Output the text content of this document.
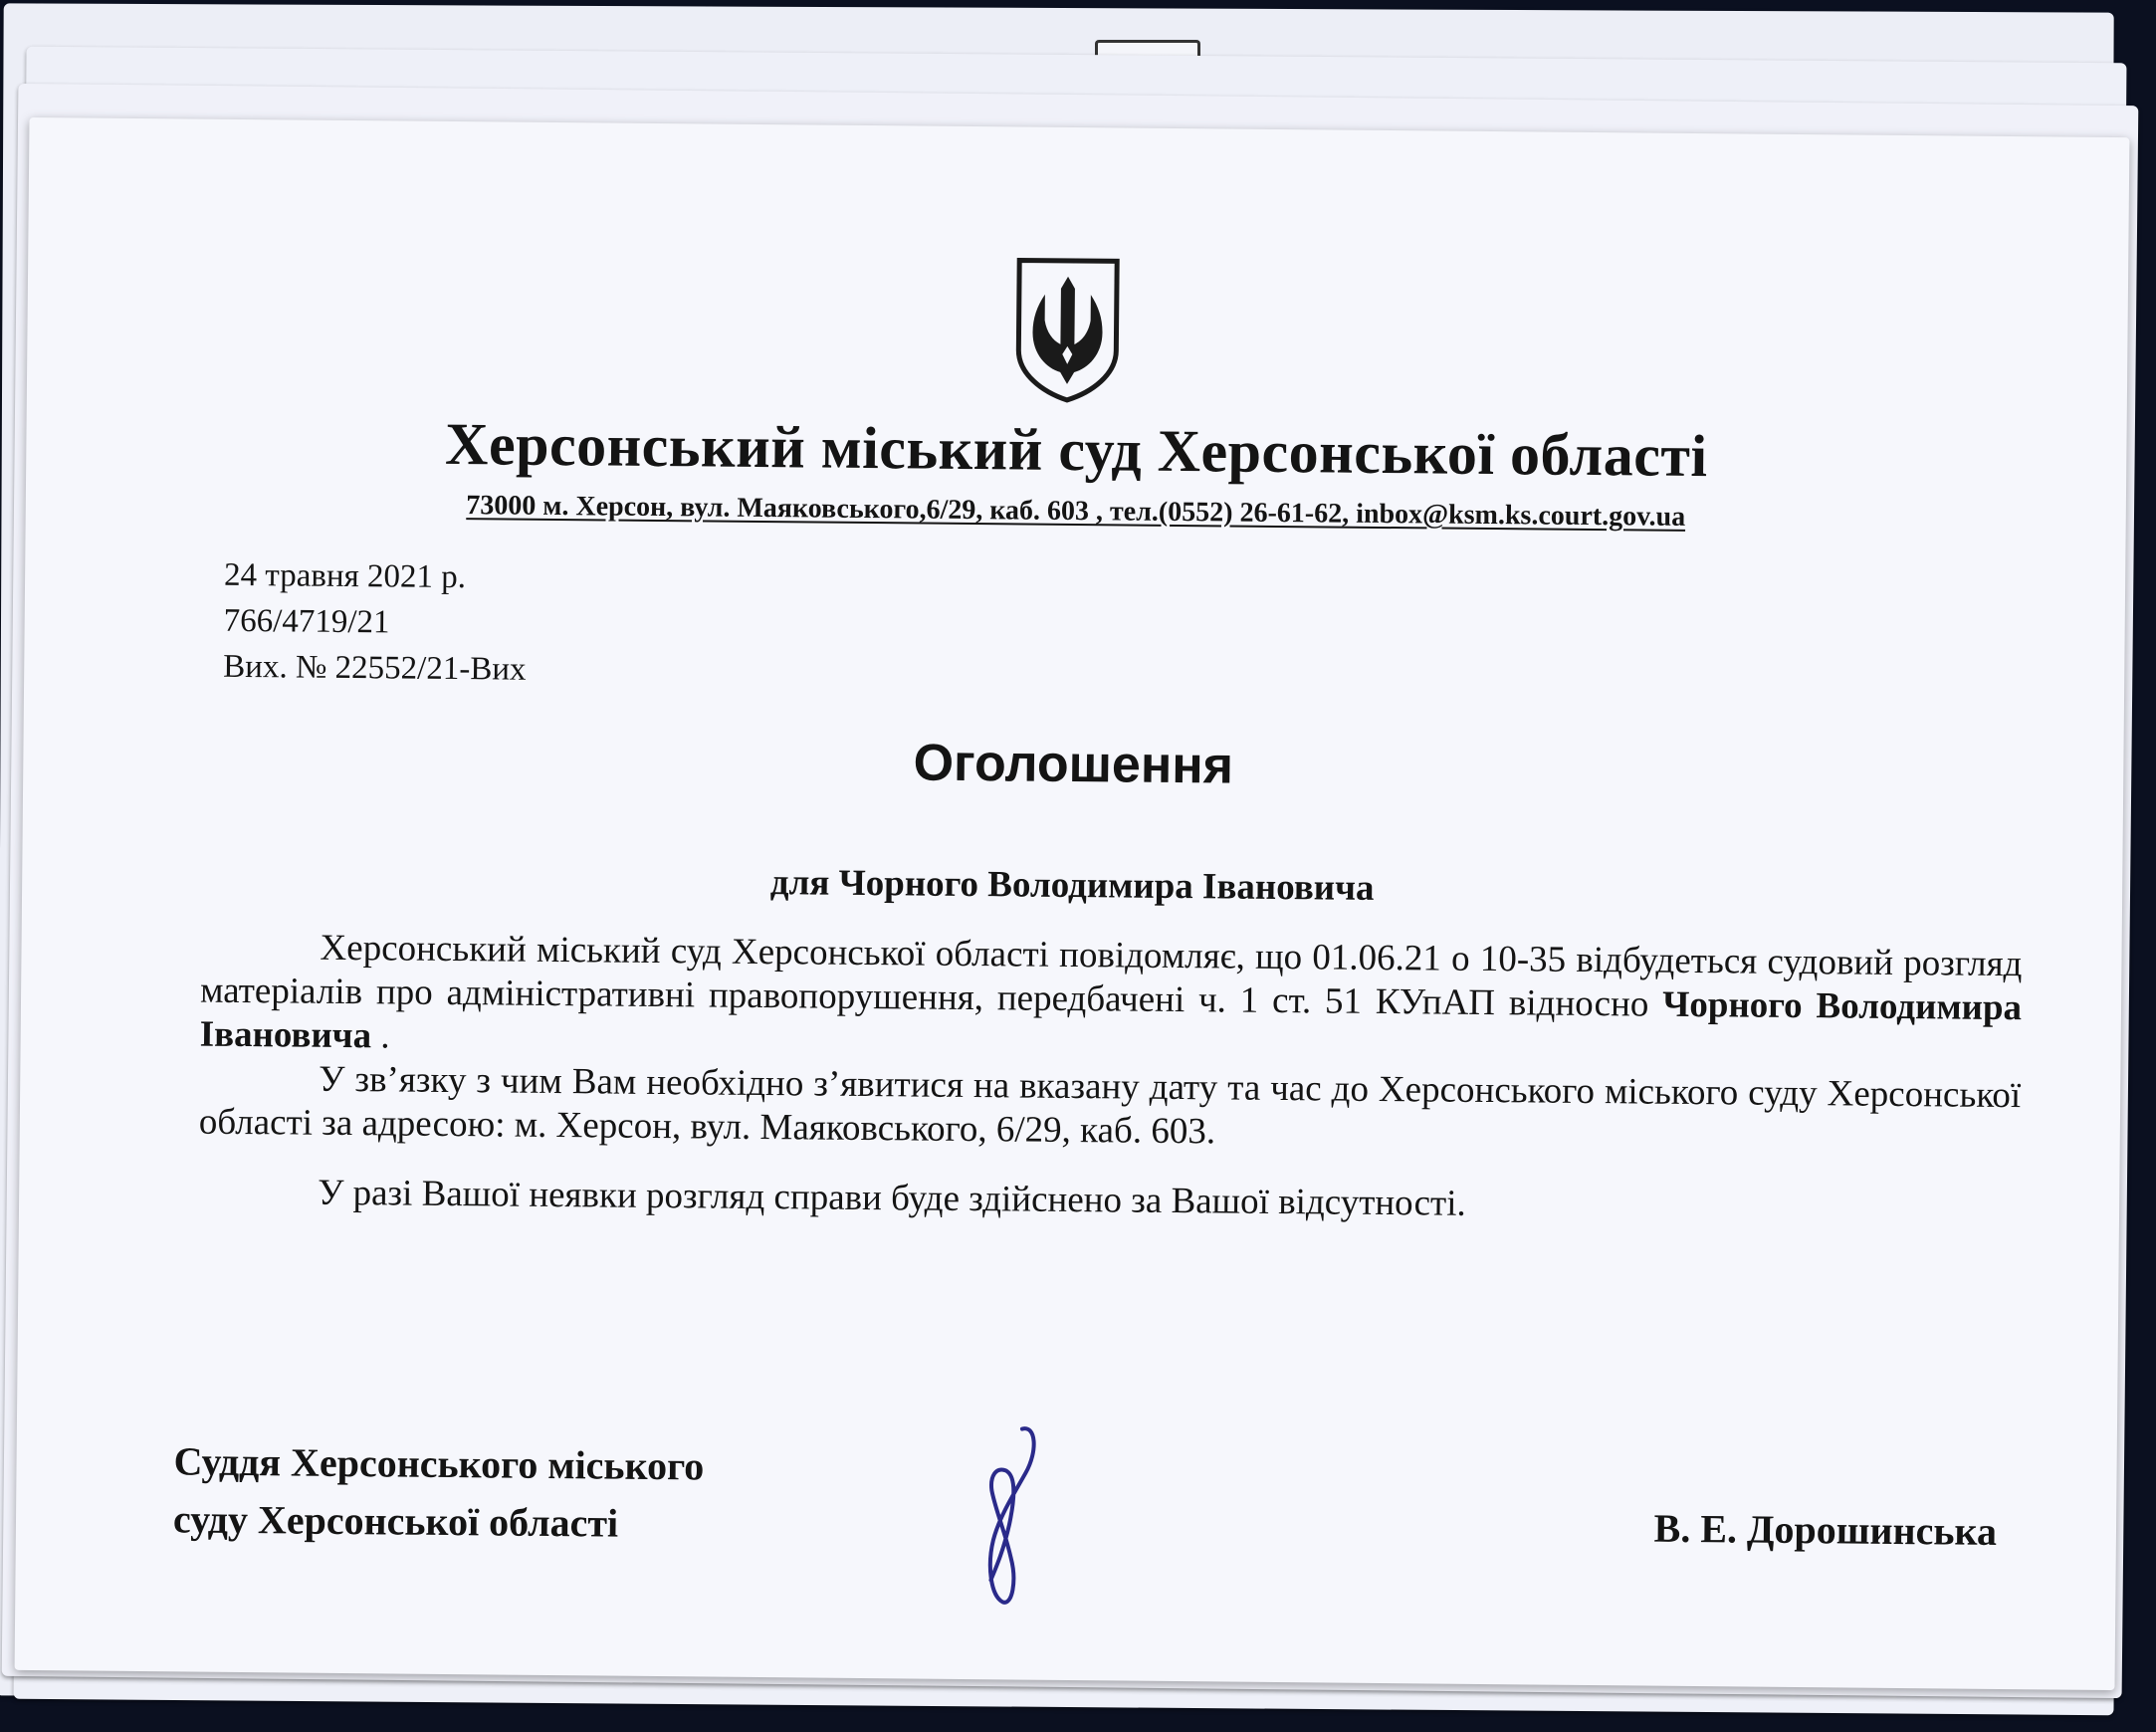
Херсонський міський суд Херсонської області
73000 м. Херсон, вул. Маяковського,6/29, каб. 603 , тел.(0552) 26-61-62, inbox@ksm.ks.court.gov.ua
24 травня 2021 р.
766/4719/21
Вих. № 22552/21-Вих
Оголошення
для Чорного Володимира Івановича

Херсонський міський суд Херсонської області повідомляє, що 01.06.21 о 10-35 відбудеться судовий розгляд матеріалів про адміністративні правопорушення, передбачені ч. 1 ст. 51 КУпАП відносно Чорного Володимира Івановича .

У зв’язку з чим Вам необхідно з’явитися на вказану дату та час до Херсонського міського суду Херсонської області за адресою: м. Херсон, вул. Маяковського, 6/29, каб. 603.

У разі Вашої неявки розгляд справи буде здійснено за Вашої відсутності.

Суддя Херсонського міського
суду Херсонської області	В. Е. Дорошинська
